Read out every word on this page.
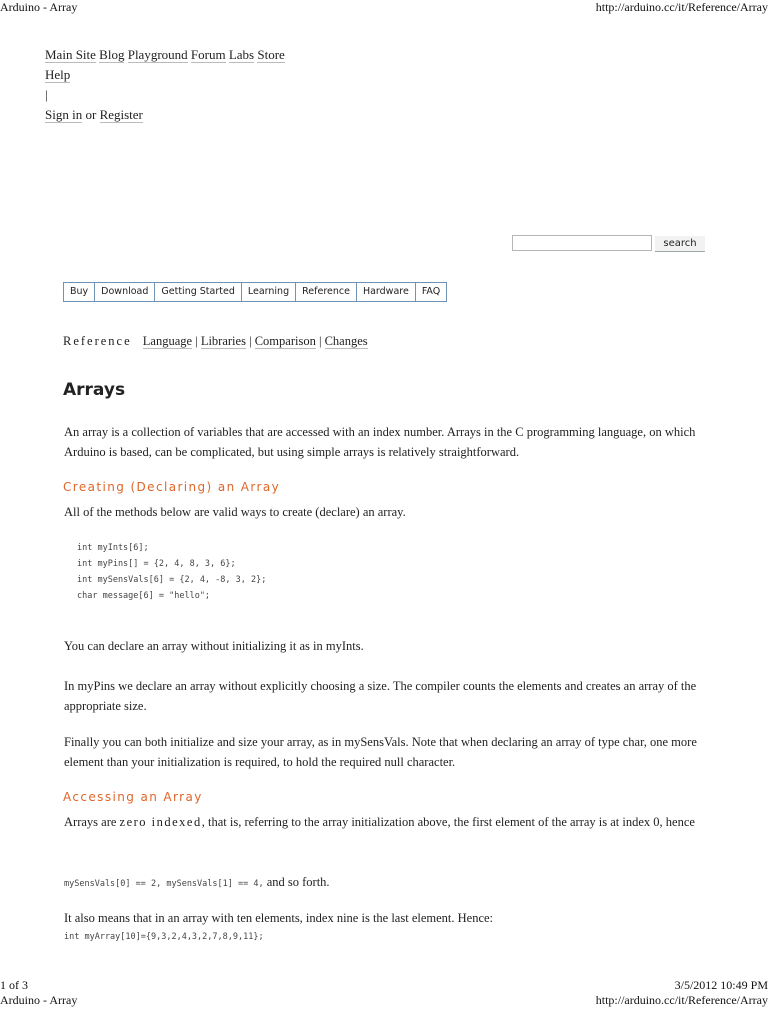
Arduino - Array	http://arduino.cc/it/Reference/Array
Main Site Blog Playground Forum Labs Store
Help
|
Sign in or Register
search
Buy	Download	Getting Started	Learning	Reference	Hardware	FAQ
Reference Language | Libraries | Comparison | Changes
Arrays

An array is a collection of variables that are accessed with an index number. Arrays in the C programming language, on which Arduino is based, can be complicated, but using simple arrays is relatively straightforward.

Creating (Declaring) an Array

All of the methods below are valid ways to create (declare) an array.

int myInts[6];
int myPins[] = {2, 4, 8, 3, 6};
int mySensVals[6] = {2, 4, -8, 3, 2};
char message[6] = "hello";

You can declare an array without initializing it as in myInts.

In myPins we declare an array without explicitly choosing a size. The compiler counts the elements and creates an array of the appropriate size.

Finally you can both initialize and size your array, as in mySensVals. Note that when declaring an array of type char, one more element than your initialization is required, to hold the required null character.

Accessing an Array

Arrays are zero indexed, that is, referring to the array initialization above, the first element of the array is at index 0, hence

mySensVals[0] == 2, mySensVals[1] == 4, and so forth.

It also means that in an array with ten elements, index nine is the last element. Hence:

int myArray[10]={9,3,2,4,3,2,7,8,9,11};
1 of 3	3/5/2012 10:49 PM
Arduino - Array	http://arduino.cc/it/Reference/Array
